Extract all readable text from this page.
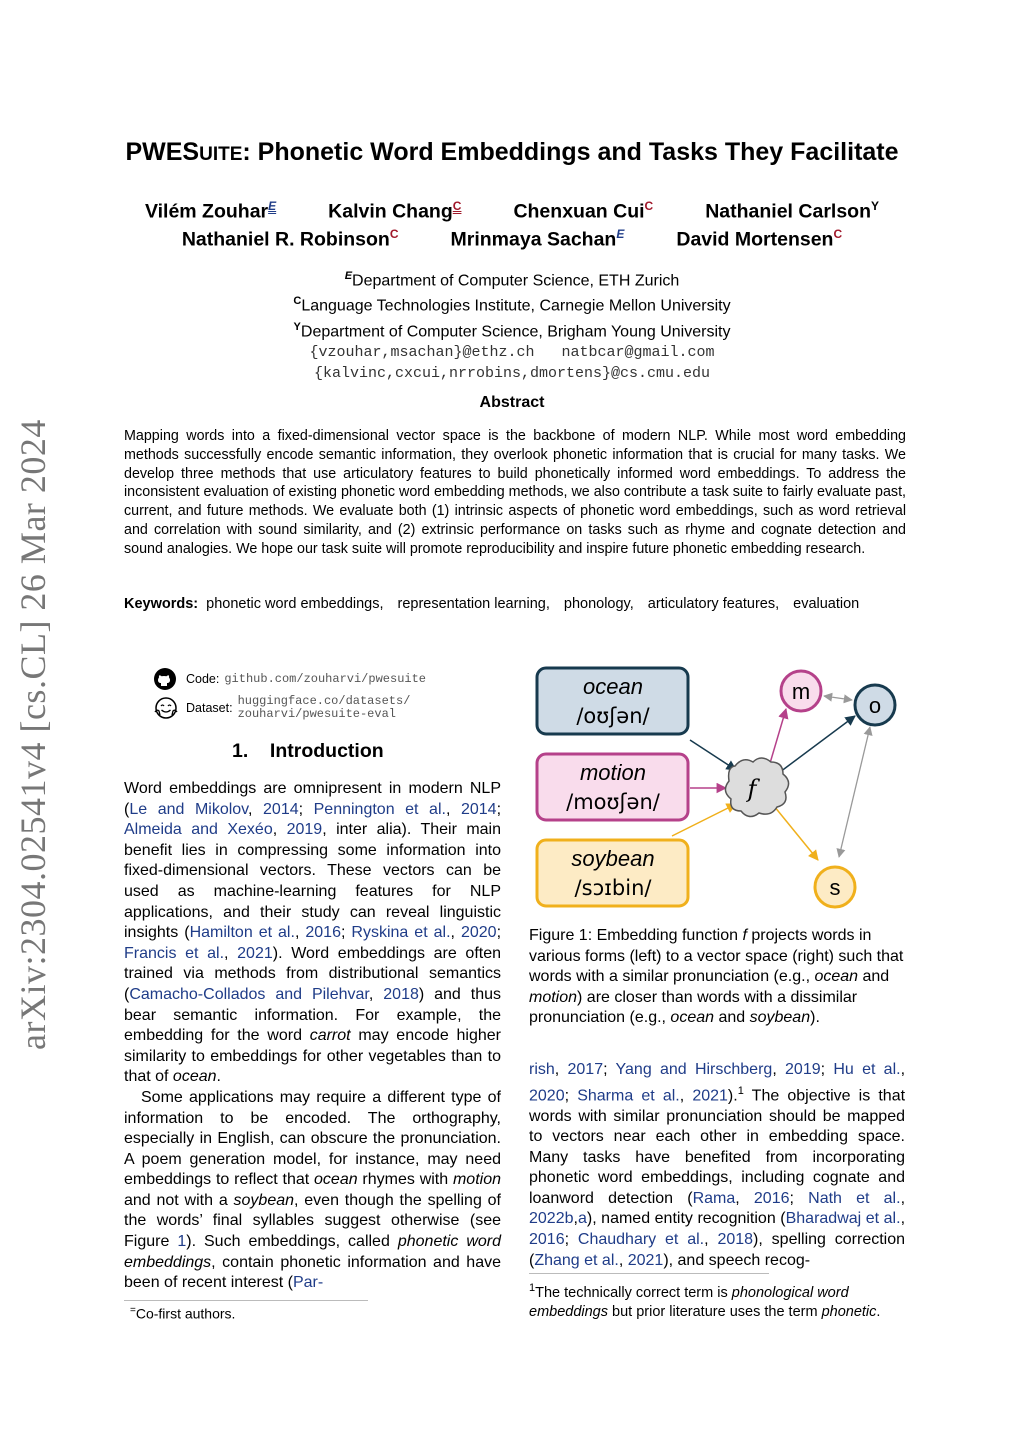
arXiv:2304.02541v4 [cs.CL] 26 Mar 2024
PWESUITE: Phonetic Word Embeddings and Tasks They Facilitate
Vilém Zouhar$^E$	Kalvin Chang$^C$	Chenxuan Cui$^C$	Nathaniel Carlson$^Y$
Nathaniel R. Robinson$^C$	Mrinmaya Sachan$^E$	David Mortensen$^C$
$^E$Department of Computer Science, ETH Zurich
$^C$Language Technologies Institute, Carnegie Mellon University
$^Y$Department of Computer Science, Brigham Young University
{vzouhar,msachan}@ethz.ch   natbcar@gmail.com
{kalvinc,cxcui,nrrobins,dmortens}@cs.cmu.edu
Abstract
Mapping words into a fixed-dimensional vector space is the backbone of modern NLP. While most word embedding methods successfully encode semantic information, they overlook phonetic information that is crucial for many tasks. We develop three methods that use articulatory features to build phonetically informed word embeddings. To address the inconsistent evaluation of existing phonetic word embedding methods, we also contribute a task suite to fairly evaluate past, current, and future methods. We evaluate both (1) intrinsic aspects of phonetic word embeddings, such as word retrieval and correlation with sound similarity, and (2) extrinsic performance on tasks such as rhyme and cognate detection and sound analogies. We hope our task suite will promote reproducibility and inspire future phonetic embedding research.
Keywords: phonetic word embeddings, representation learning, phonology, articulatory features, evaluation
Code: github.com/zouharvi/pwesuite
Dataset: huggingface.co/datasets/
zouharvi/pwesuite-eval
1.    Introduction
Word embeddings are omnipresent in modern NLP (Le and Mikolov, 2014; Pennington et al., 2014; Almeida and Xexéo, 2019, inter alia). Their main benefit lies in compressing some information into fixed-dimensional vectors. These vectors can be used as machine-learning features for NLP applications, and their study can reveal linguistic insights (Hamilton et al., 2016; Ryskina et al., 2020; Francis et al., 2021). Word embeddings are often trained via methods from distributional semantics (Camacho-Collados and Pilehvar, 2018) and thus bear semantic information. For example, the embedding for the word carrot may encode higher similarity to embeddings for other vegetables than to that of ocean.
Some applications may require a different type of information to be encoded. The orthography, especially in English, can obscure the pronunciation. A poem generation model, for instance, may need embeddings to reflect that ocean rhymes with motion and not with a soybean, even though the spelling of the words’ final syllables suggest otherwise (see Figure 1). Such embeddings, called phonetic word embeddings, contain phonetic information and have been of recent interest (Par-
=Co-first authors.
ocean
/oʊʃən/
motion
/moʊʃən/
soybean
/sɔɪbin/
f
m
o
s
Figure 1: Embedding function f projects words in various forms (left) to a vector space (right) such that words with a similar pronunciation (e.g., ocean and motion) are closer than words with a dissimilar pronunciation (e.g., ocean and soybean).
rish, 2017; Yang and Hirschberg, 2019; Hu et al., 2020; Sharma et al., 2021).$^1$ The objective is that words with similar pronunciation should be mapped to vectors near each other in embedding space. Many tasks have benefited from incorporating phonetic word embeddings, including cognate and loanword detection (Rama, 2016; Nath et al., 2022b,a), named entity recognition (Bharadwaj et al., 2016; Chaudhary et al., 2018), spelling correction (Zhang et al., 2021), and speech recog-
$^1$The technically correct term is phonological word embeddings but prior literature uses the term phonetic.
